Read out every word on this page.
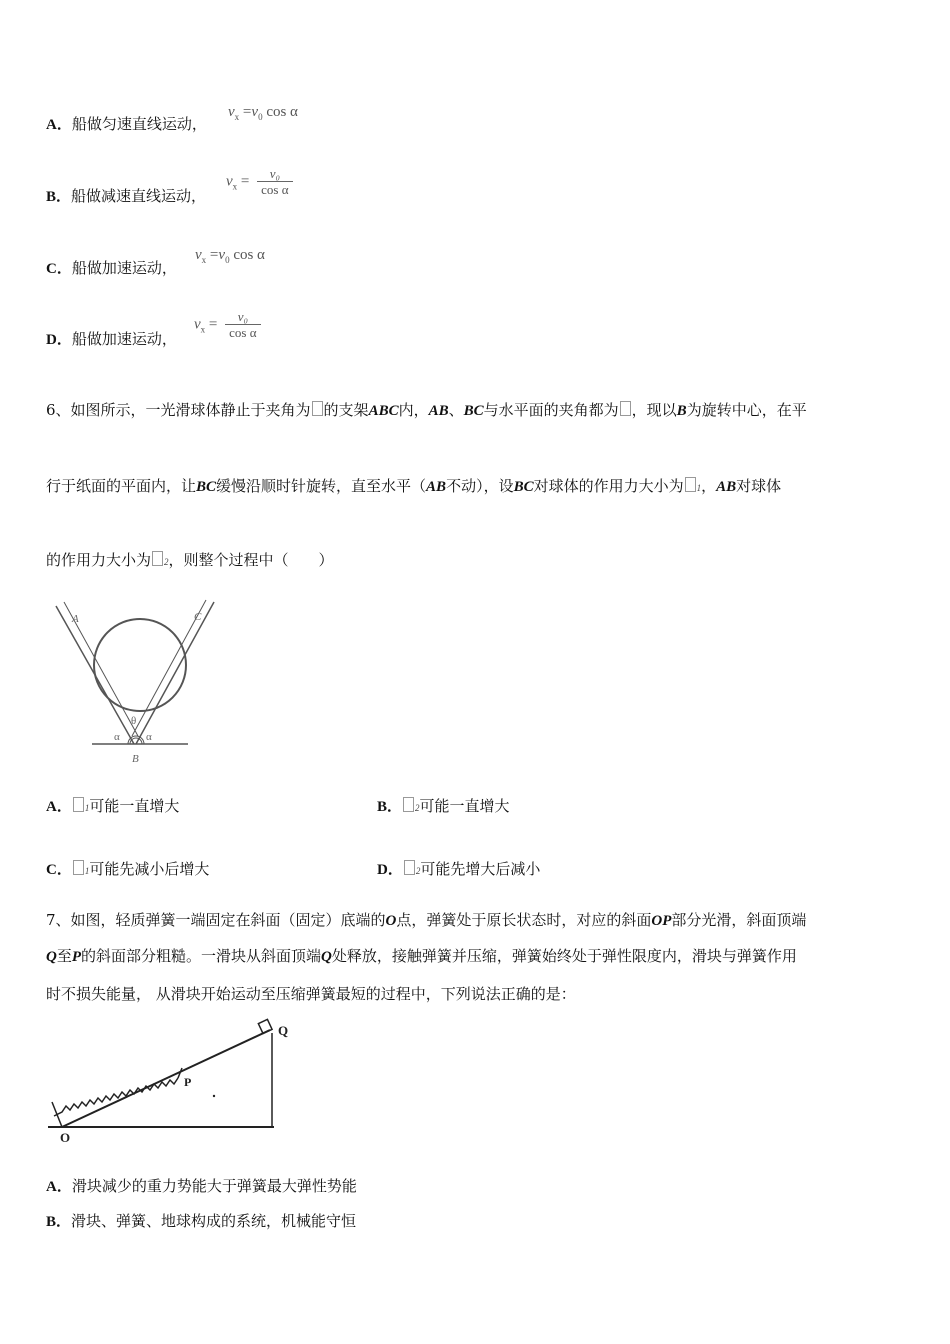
A．船做匀速直线运动，
$v_x =v_0$ cos α
B．船做减速直线运动，
$v_x = \frac{\text{v₀}}{\text{cos α}}$
C．船做加速运动，
$v_x =v_0$ cos α
D．船做加速运动，
$v_x = \frac{\text{v₀}}{\text{cos α}}$
6、如图所示，一光滑球体静止于夹角为 的支架ABC内，AB、BC与水平面的夹角都为 ，现以B为旋转中心，在平
行于纸面的平面内，让BC缓慢沿顺时针旋转，直至水平（AB不动），设BC对球体的作用力大小为 1，AB对球体
的作用力大小为 2，则整个过程中（　　）
A	C
θ
α α
B
A． 1可能一直增大	B． 2可能一直增大
C． 1可能先减小后增大	D． 2可能先增大后减小
7、如图，轻质弹簧一端固定在斜面（固定）底端的O点，弹簧处于原长状态时，对应的斜面OP部分光滑，斜面顶端
Q至P的斜面部分粗糙。一滑块从斜面顶端Q处释放，接触弹簧并压缩，弹簧始终处于弹性限度内，滑块与弹簧作用
时不损失能量， 从滑块开始运动至压缩弹簧最短的过程中，下列说法正确的是：
Q
P
O
A．滑块减少的重力势能大于弹簧最大弹性势能
B．滑块、弹簧、地球构成的系统，机械能守恒
